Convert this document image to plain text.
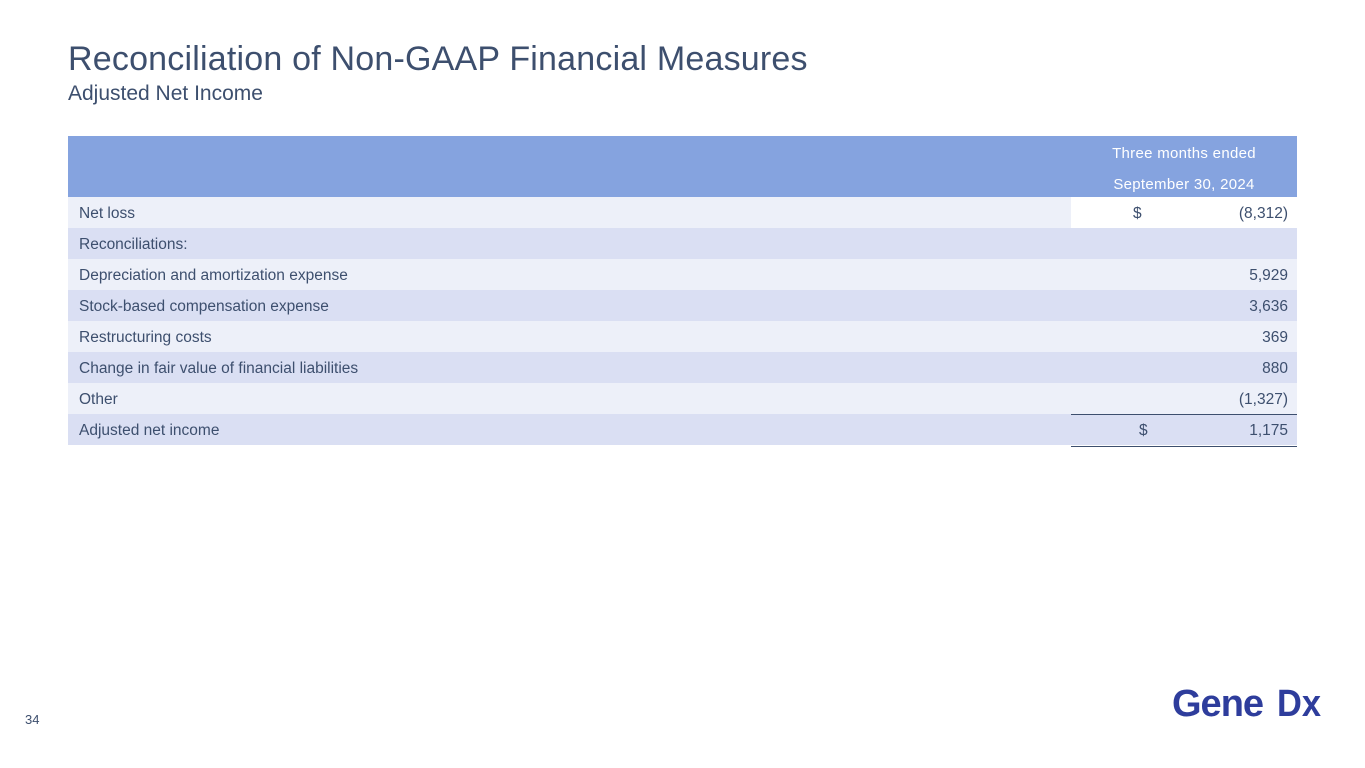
Reconciliation of Non-GAAP Financial Measures
Adjusted Net Income
Three months ended
September 30, 2024
Net loss	$	(8,312)
Reconciliations:
Depreciation and amortization expense	5,929
Stock-based compensation expense	3,636
Restructuring costs	369
Change in fair value of financial liabilities	880
Other	(1,327)
Adjusted net income	$	1,175
34	Gene Dx
